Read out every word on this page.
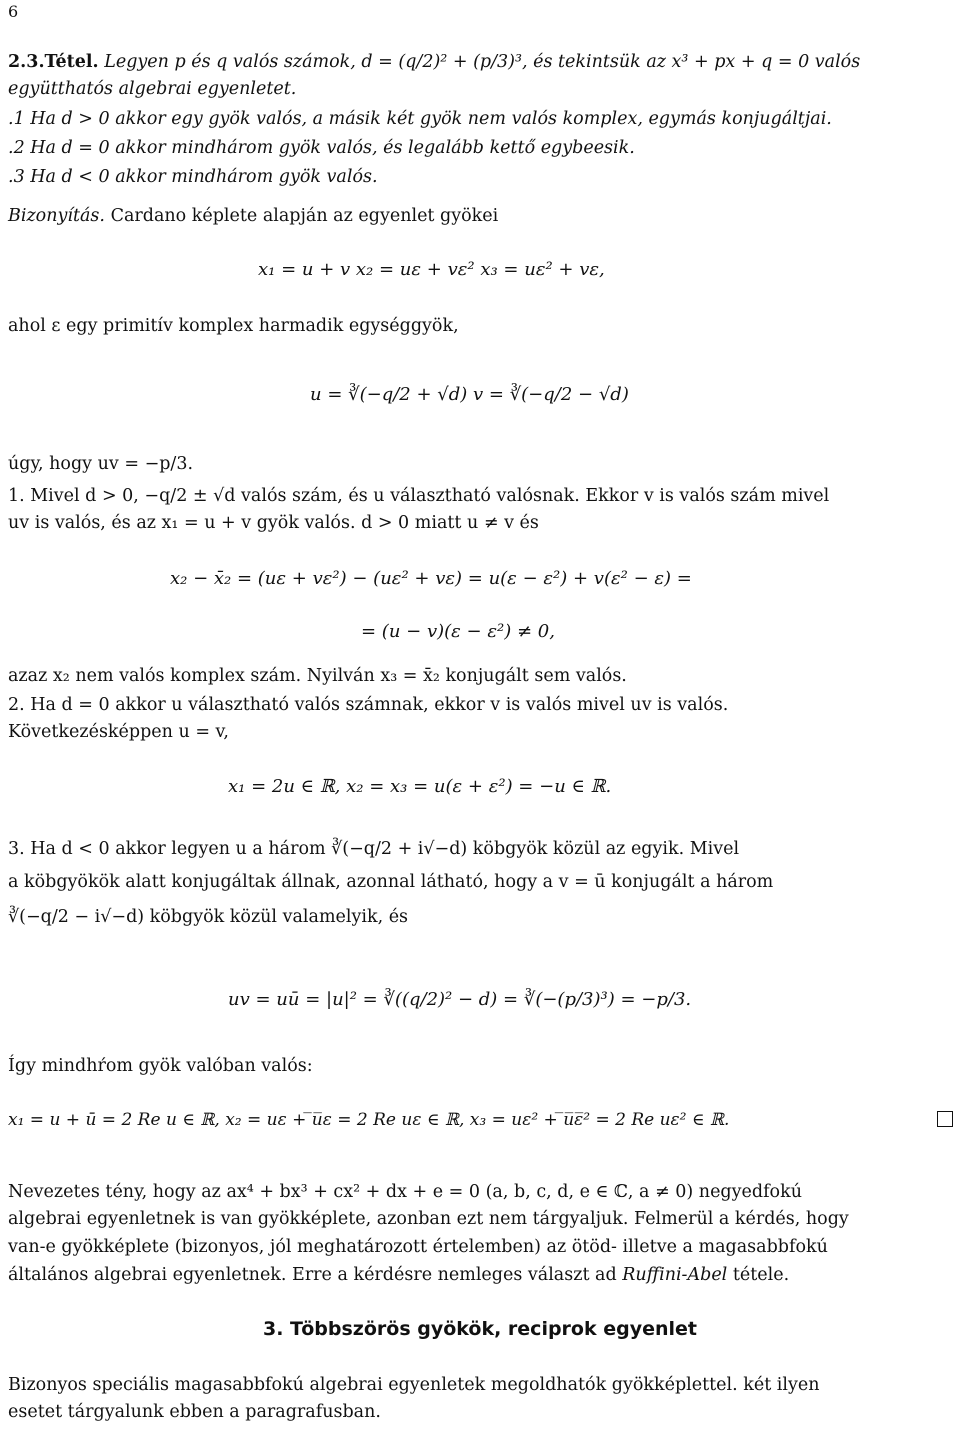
6
2.3.Tétel. Legyen p és q valós számok, d = (q/2)² + (p/3)³, és tekintsük az x³ + px + q = 0 valós
együtthatós algebrai egyenletet.
.1 Ha d > 0 akkor egy gyök valós, a másik két gyök nem valós komplex, egymás konjugáltjai.
.2 Ha d = 0 akkor mindhárom gyök valós, és legalább kettő egybeesik.
.3 Ha d < 0 akkor mindhárom gyök valós.
Bizonyítás. Cardano képlete alapján az egyenlet gyökei
x₁ = u + v x₂ = uε + vε² x₃ = uε² + vε,
ahol ε egy primitív komplex harmadik egységgyök,
u = ∛(−q/2 + √d) v = ∛(−q/2 − √d)
úgy, hogy uv = −p/3.
1. Mivel d > 0, −q/2 ± √d valós szám, és u választható valósnak. Ekkor v is valós szám mivel
uv is valós, és az x₁ = u + v gyök valós. d > 0 miatt u ≠ v és
x₂ − x̄₂ = (uε + vε²) − (uε² + vε) = u(ε − ε²) + v(ε² − ε) =
= (u − v)(ε − ε²) ≠ 0,
azaz x₂ nem valós komplex szám. Nyilván x₃ = x̄₂ konjugált sem valós.
2. Ha d = 0 akkor u választható valós számnak, ekkor v is valós mivel uv is valós.
Következésképpen u = v,
x₁ = 2u ∈ ℝ, x₂ = x₃ = u(ε + ε²) = −u ∈ ℝ.
3. Ha d < 0 akkor legyen u a három ∛(−q/2 + i√−d) köbgyök közül az egyik. Mivel
a köbgyökök alatt konjugáltak állnak, azonnal látható, hogy a v = ū konjugált a három
∛(−q/2 − i√−d) köbgyök közül valamelyik, és
uv = uū = |u|² = ∛((q/2)² − d) = ∛(−(p/3)³) = −p/3.
Így mindhŕom gyök valóban valós:
x₁ = u + ū = 2 Re u ∈ ℝ, x₂ = uε + ̅u̅ε = 2 Re uε ∈ ℝ, x₃ = uε² + ̅u̅ε̅² = 2 Re uε² ∈ ℝ.
Nevezetes tény, hogy az ax⁴ + bx³ + cx² + dx + e = 0 (a, b, c, d, e ∈ ℂ, a ≠ 0) negyedfokú
algebrai egyenletnek is van gyökképlete, azonban ezt nem tárgyaljuk. Felmerül a kérdés, hogy
van-e gyökképlete (bizonyos, jól meghatározott értelemben) az ötöd- illetve a magasabbfokú
általános algebrai egyenletnek. Erre a kérdésre nemleges választ ad Ruffini-Abel tétele.
3. Többszörös gyökök, reciprok egyenlet
Bizonyos speciális magasabbfokú algebrai egyenletek megoldhatók gyökképlettel. két ilyen
esetet tárgyalunk ebben a paragrafusban.
